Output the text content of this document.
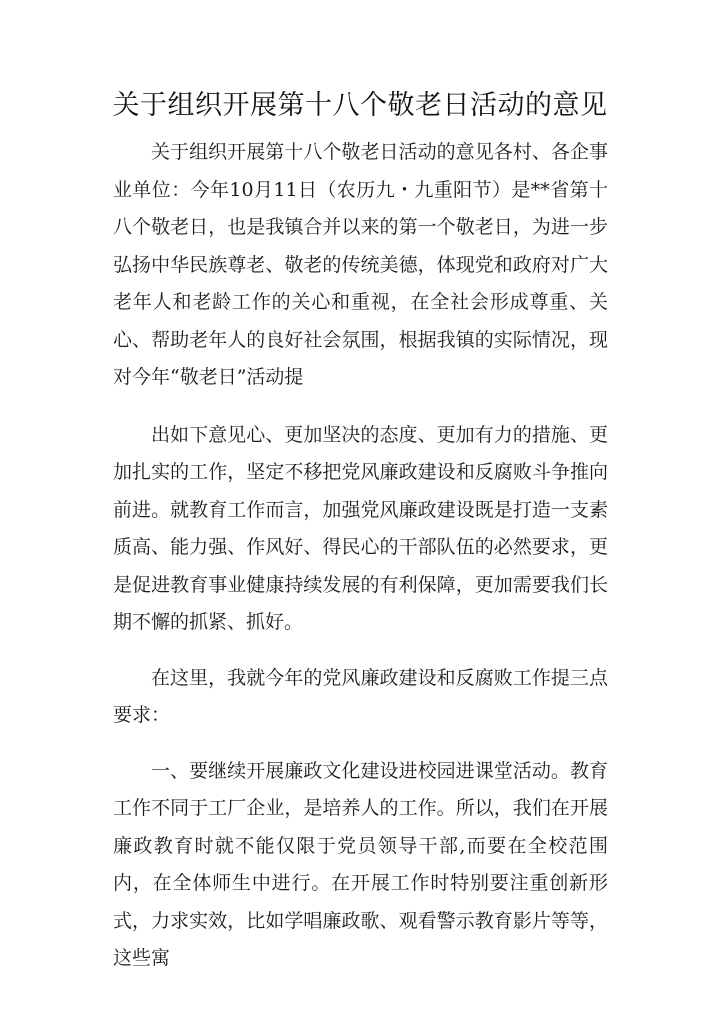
关于组织开展第十八个敬老日活动的意见

关于组织开展第十八个敬老日活动的意见各村、各企事业单位：今年10月11日（农历九・九重阳节）是**省第十八个敬老日，也是我镇合并以来的第一个敬老日，为进一步弘扬中华民族尊老、敬老的传统美德，体现党和政府对广大老年人和老龄工作的关心和重视，在全社会形成尊重、关心、帮助老年人的良好社会氛围，根据我镇的实际情况，现对今年“敬老日”活动提

出如下意见心、更加坚决的态度、更加有力的措施、更加扎实的工作，坚定不移把党风廉政建设和反腐败斗争推向前进。就教育工作而言，加强党风廉政建设既是打造一支素质高、能力强、作风好、得民心的干部队伍的必然要求，更是促进教育事业健康持续发展的有利保障，更加需要我们长期不懈的抓紧、抓好。

在这里，我就今年的党风廉政建设和反腐败工作提三点要求：

一、要继续开展廉政文化建设进校园进课堂活动。教育工作不同于工厂企业，是培养人的工作。所以，我们在开展廉政教育时就不能仅限于党员领导干部,而要在全校范围内，在全体师生中进行。在开展工作时特别要注重创新形式，力求实效，比如学唱廉政歌、观看警示教育影片等等，这些寓
